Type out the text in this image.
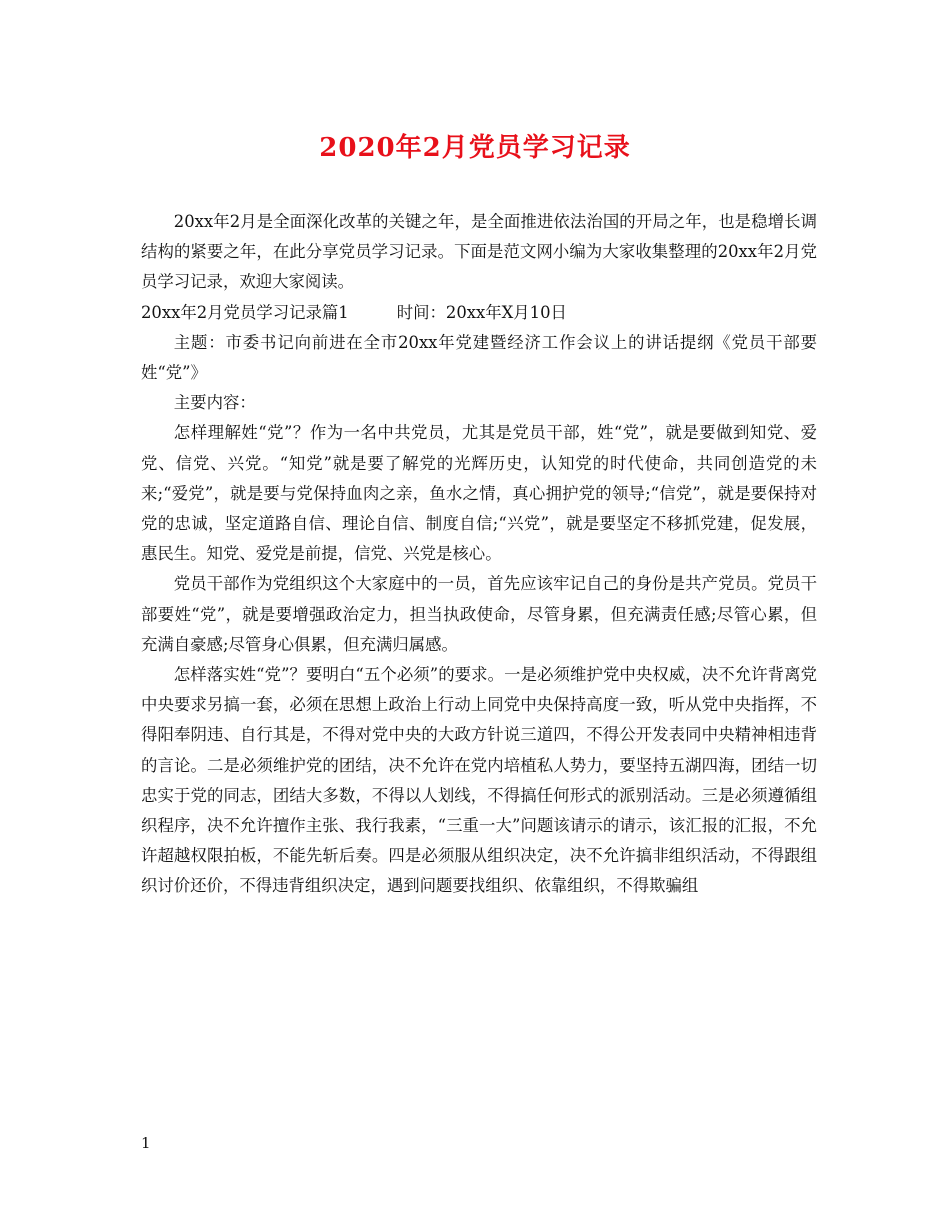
2020年2月党员学习记录

20xx年2月是全面深化改革的关键之年，是全面推进依法治国的开局之年，也是稳增长调结构的紧要之年，在此分享党员学习记录。下面是范文网小编为大家收集整理的20xx年2月党员学习记录，欢迎大家阅读。

20xx年2月党员学习记录篇1	时间：20xx年X月10日

主题：市委书记向前进在全市20xx年党建暨经济工作会议上的讲话提纲《党员干部要姓“党”》

主要内容：

怎样理解姓“党”？作为一名中共党员，尤其是党员干部，姓“党”，就是要做到知党、爱党、信党、兴党。“知党”就是要了解党的光辉历史，认知党的时代使命，共同创造党的未来;“爱党”，就是要与党保持血肉之亲，鱼水之情，真心拥护党的领导;“信党”，就是要保持对党的忠诚，坚定道路自信、理论自信、制度自信;“兴党”，就是要坚定不移抓党建，促发展，惠民生。知党、爱党是前提，信党、兴党是核心。

党员干部作为党组织这个大家庭中的一员，首先应该牢记自己的身份是共产党员。党员干部要姓“党”，就是要增强政治定力，担当执政使命，尽管身累，但充满责任感;尽管心累，但充满自豪感;尽管身心俱累，但充满归属感。

怎样落实姓“党”？要明白“五个必须”的要求。一是必须维护党中央权威，决不允许背离党中央要求另搞一套，必须在思想上政治上行动上同党中央保持高度一致，听从党中央指挥，不得阳奉阴违、自行其是，不得对党中央的大政方针说三道四，不得公开发表同中央精神相违背的言论。二是必须维护党的团结，决不允许在党内培植私人势力，要坚持五湖四海，团结一切忠实于党的同志，团结大多数，不得以人划线，不得搞任何形式的派别活动。三是必须遵循组织程序，决不允许擅作主张、我行我素，“三重一大”问题该请示的请示，该汇报的汇报，不允许超越权限拍板，不能先斩后奏。四是必须服从组织决定，决不允许搞非组织活动，不得跟组织讨价还价，不得违背组织决定，遇到问题要找组织、依靠组织，不得欺骗组

1
